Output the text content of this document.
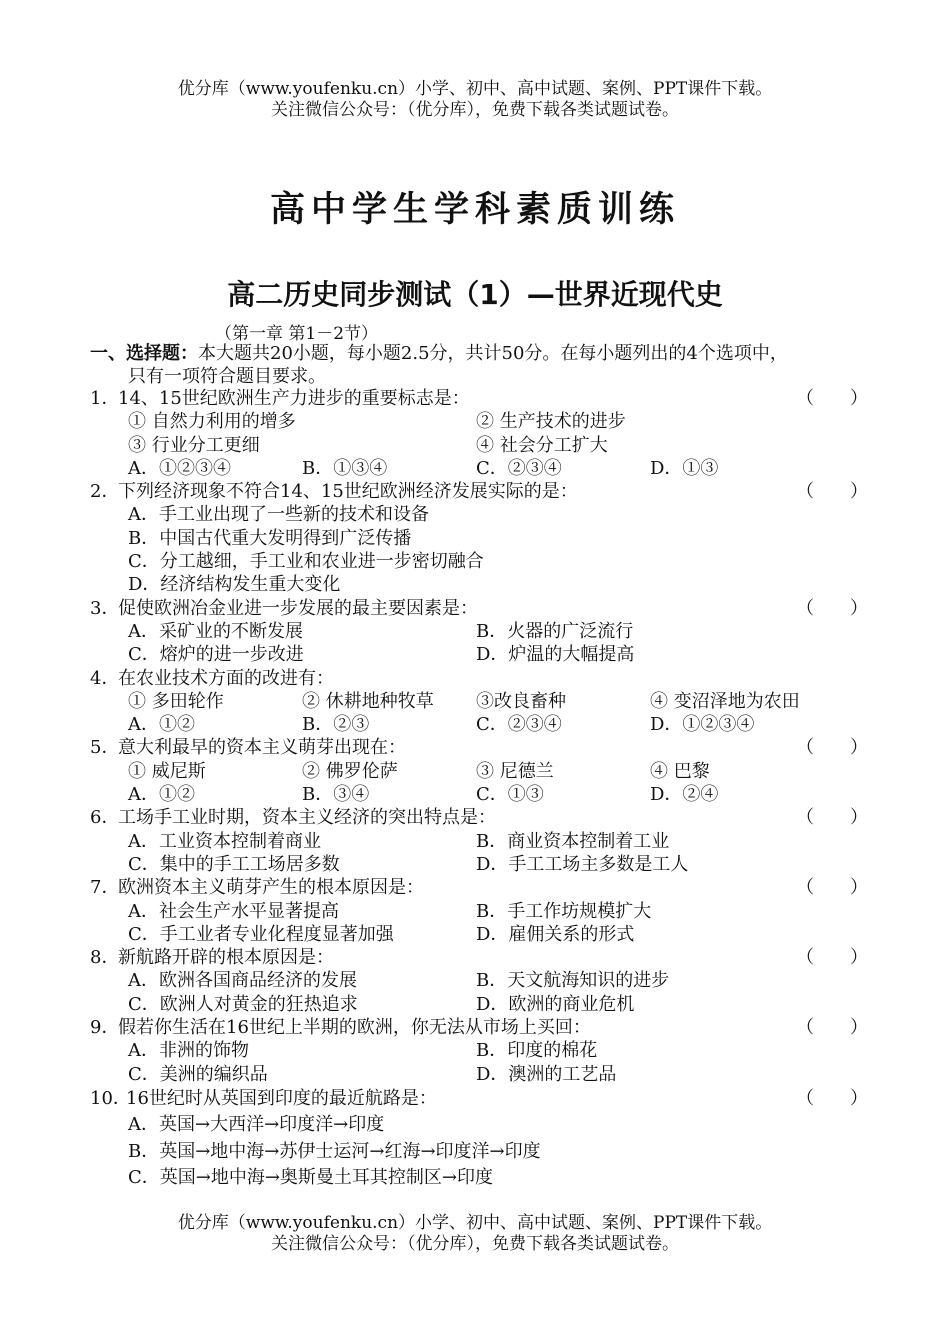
优分库（www.youfenku.cn）小学、初中、高中试题、案例、PPT课件下载。
关注微信公众号：（优分库），免费下载各类试题试卷。
高中学生学科素质训练
高二历史同步测试（1）—世界近现代史
（第一章 第1－2节）
一、选择题：本大题共20小题，每小题2.5分，共计50分。在每小题列出的4个选项中，
只有一项符合题目要求。
1．
14、15世纪欧洲生产力进步的重要标志是：	（　　）
① 自然力利用的增多	② 生产技术的进步
③ 行业分工更细	④ 社会分工扩大
A．①②③④	B．①③④	C．②③④	D．①③
2．
下列经济现象不符合14、15世纪欧洲经济发展实际的是：	（　　）
A．手工业出现了一些新的技术和设备
B．中国古代重大发明得到广泛传播
C．分工越细，手工业和农业进一步密切融合
D．经济结构发生重大变化
3．
促使欧洲冶金业进一步发展的最主要因素是：	（　　）
A．采矿业的不断发展	B．火器的广泛流行
C．熔炉的进一步改进	D．炉温的大幅提高
4．
在农业技术方面的改进有：
① 多田轮作	② 休耕地种牧草 ③改良畜种	④ 变沼泽地为农田
A．①②	B．②③	C．②③④	D．①②③④
5．
意大利最早的资本主义萌芽出现在：	（　　）
① 威尼斯	② 佛罗伦萨	③ 尼德兰	④ 巴黎
A．①②	B．③④	C．①③	D．②④
6．
工场手工业时期，资本主义经济的突出特点是：	（　　）
A．工业资本控制着商业	B．商业资本控制着工业
C．集中的手工工场居多数	D．手工工场主多数是工人
7．
欧洲资本主义萌芽产生的根本原因是：	（　　）
A．社会生产水平显著提高	B．手工作坊规模扩大
C．手工业者专业化程度显著加强	D．雇佣关系的形式
8．
新航路开辟的根本原因是：	（　　）
A．欧洲各国商品经济的发展	B．天文航海知识的进步
C．欧洲人对黄金的狂热追求	D．欧洲的商业危机
9．
假若你生活在16世纪上半期的欧洲，你无法从市场上买回：	（　　）
A．非洲的饰物	B．印度的棉花
C．美洲的编织品	D．澳洲的工艺品
10．
16世纪时从英国到印度的最近航路是：	（　　）
A．英国→大西洋→印度洋→印度
B．英国→地中海→苏伊士运河→红海→印度洋→印度
C．英国→地中海→奥斯曼土耳其控制区→印度
优分库（www.youfenku.cn）小学、初中、高中试题、案例、PPT课件下载。
关注微信公众号：（优分库），免费下载各类试题试卷。
